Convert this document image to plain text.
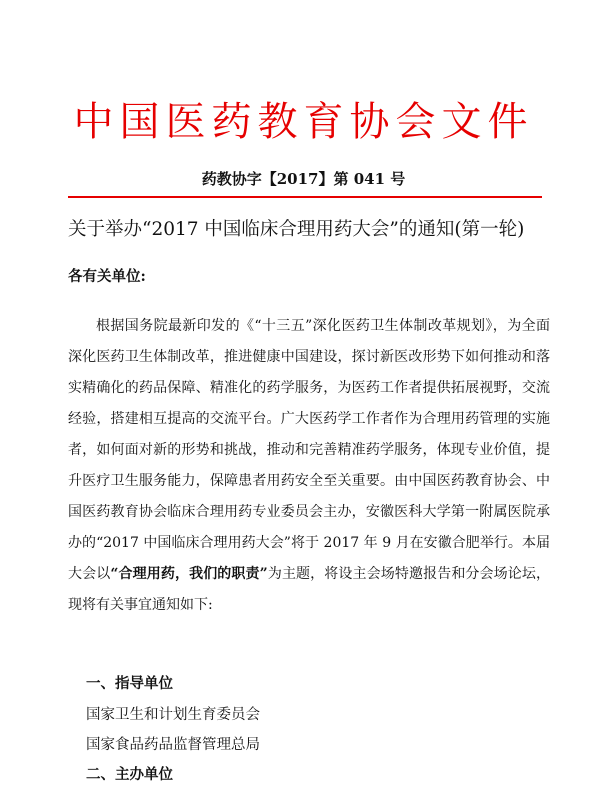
中国医药教育协会文件
药教协字【2017】第 041 号
关于举办“2017 中国临床合理用药大会”的通知(第一轮)
各有关单位:
根据国务院最新印发的《“十三五”深化医药卫生体制改革规划》，为全面深化医药卫生体制改革，推进健康中国建设，探讨新医改形势下如何推动和落实精确化的药品保障、精准化的药学服务，为医药工作者提供拓展视野，交流经验，搭建相互提高的交流平台。广大医药学工作者作为合理用药管理的实施者，如何面对新的形势和挑战，推动和完善精准药学服务，体现专业价值，提升医疗卫生服务能力，保障患者用药安全至关重要。由中国医药教育协会、中国医药教育协会临床合理用药专业委员会主办，安徽医科大学第一附属医院承办的“2017 中国临床合理用药大会”将于 2017 年 9 月在安徽合肥举行。本届大会以“合理用药，我们的职责”为主题，将设主会场特邀报告和分会场论坛，现将有关事宜通知如下:
一、指导单位
国家卫生和计划生育委员会
国家食品药品监督管理总局
二、主办单位
